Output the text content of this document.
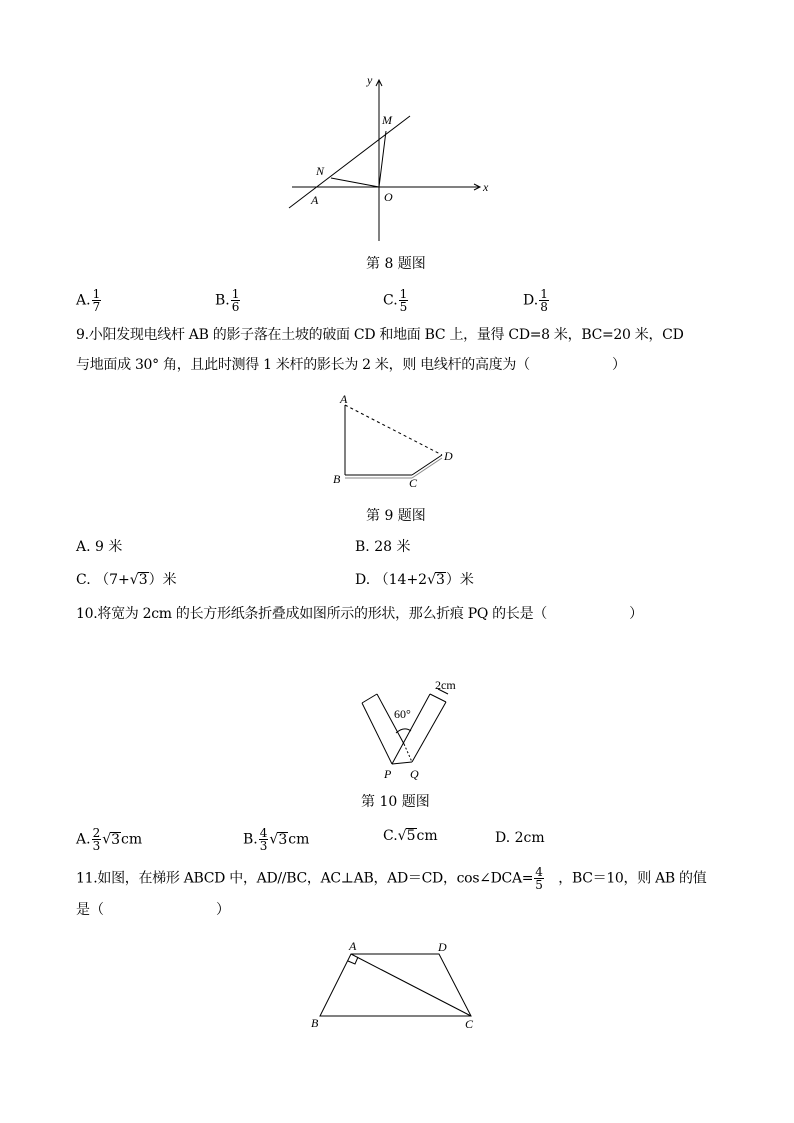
y
x
M
N
O
A
第 8 题图
A. $\frac{1}{7}$	B. $\frac{1}{6}$	C. $\frac{1}{5}$	D. $\frac{1}{8}$
9.小阳发现电线杆 AB 的影子落在土坡的破面 CD 和地面 BC 上，量得 CD=8 米，BC=20 米，CD
与地面成 30° 角，且此时测得 1 米杆的影长为 2 米，则 电线杆的高度为（　　　　　　）
A
B	C
D
第 9 题图
A. 9 米	B. 28 米
C. （7+√3）米	D. （14+2√3）米
10.将宽为 2cm 的长方形纸条折叠成如图所示的形状，那么折痕 PQ 的长是（　　　　　　）
2cm
60°
P Q
第 10 题图
A. $\frac{2}{3} √3cm$	B. $\frac{4}{3} √3cm$	C.√5cm	D. 2cm
11.如图，在梯形 ABCD 中，AD//BC，AC⊥AB，AD＝CD，cos∠DCA= $\frac{4}{5}$ 　，BC＝10，则 AB 的值
是（　　　　　　　　）
A	D
B	C
